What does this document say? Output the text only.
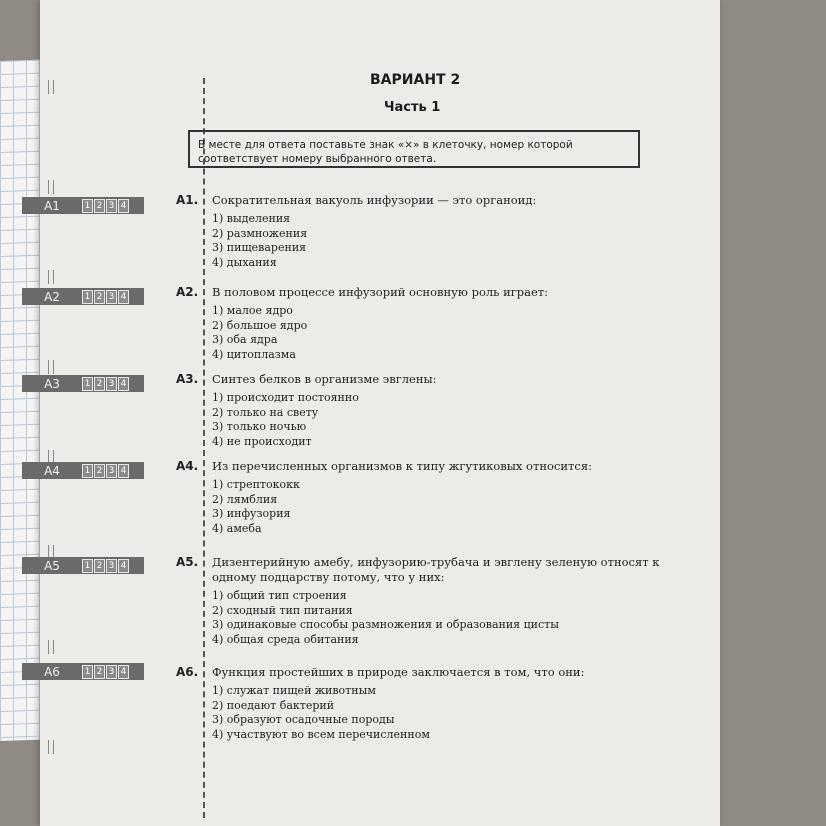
A1	1 2 3 4
A2	1 2 3 4
A3	1 2 3 4
A4	1 2 3 4
A5	1 2 3 4
A6	1 2 3 4
ВАРИАНТ 2
Часть 1
В месте для ответа поставьте знак «×» в клеточку, номер которой соответствует номеру выбранного ответа.
A1.	Сократительная вакуоль инфузории — это органоид:
1) выделения
2) размножения
3) пищеварения
4) дыхания
A2.	В половом процессе инфузорий основную роль играет:
1) малое ядро
2) большое ядро
3) оба ядра
4) цитоплазма
A3.	Синтез белков в организме эвглены:
1) происходит постоянно
2) только на свету
3) только ночью
4) не происходит
A4.	Из перечисленных организмов к типу жгутиковых относится:
1) стрептококк
2) лямблия
3) инфузория
4) амеба
A5.	Дизентерийную амебу, инфузорию-трубача и эвглену зеленую относят к одному подцарству потому, что у них:
1) общий тип строения
2) сходный тип питания
3) одинаковые способы размножения и образования цисты
4) общая среда обитания
A6.	Функция простейших в природе заключается в том, что они:
1) служат пищей животным
2) поедают бактерий
3) образуют осадочные породы
4) участвуют во всем перечисленном
